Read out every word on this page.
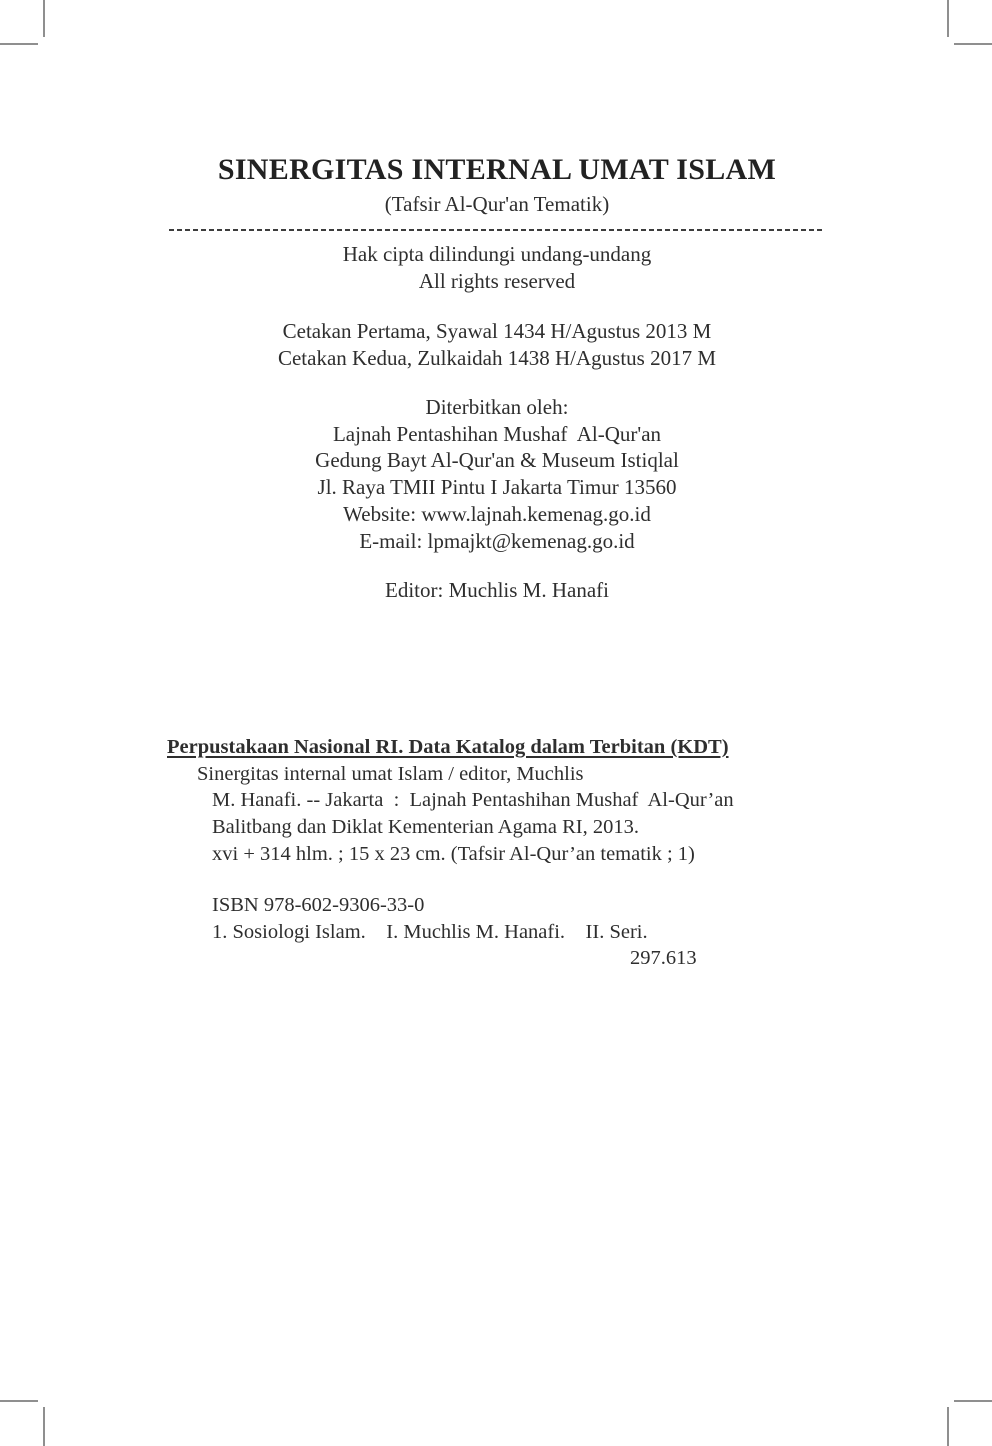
SINERGITAS INTERNAL UMAT ISLAM
(Tafsir Al-Qur'an Tematik)
Hak cipta dilindungi undang-undang
All rights reserved
Cetakan Pertama, Syawal 1434 H/Agustus 2013 M
Cetakan Kedua, Zulkaidah 1438 H/Agustus 2017 M
Diterbitkan oleh:
Lajnah Pentashihan Mushaf  Al-Qur'an
Gedung Bayt Al-Qur'an & Museum Istiqlal
Jl. Raya TMII Pintu I Jakarta Timur 13560
Website: www.lajnah.kemenag.go.id
E-mail: lpmajkt@kemenag.go.id
Editor: Muchlis M. Hanafi
Perpustakaan Nasional RI. Data Katalog dalam Terbitan (KDT)
Sinergitas internal umat Islam / editor, Muchlis
M. Hanafi. -- Jakarta  :  Lajnah Pentashihan Mushaf  Al-Qur’an
Balitbang dan Diklat Kementerian Agama RI, 2013.
xvi + 314 hlm. ; 15 x 23 cm. (Tafsir Al-Qur’an tematik ; 1)
ISBN 978-602-9306-33-0
1. Sosiologi Islam.    I. Muchlis M. Hanafi.    II. Seri.
297.613
